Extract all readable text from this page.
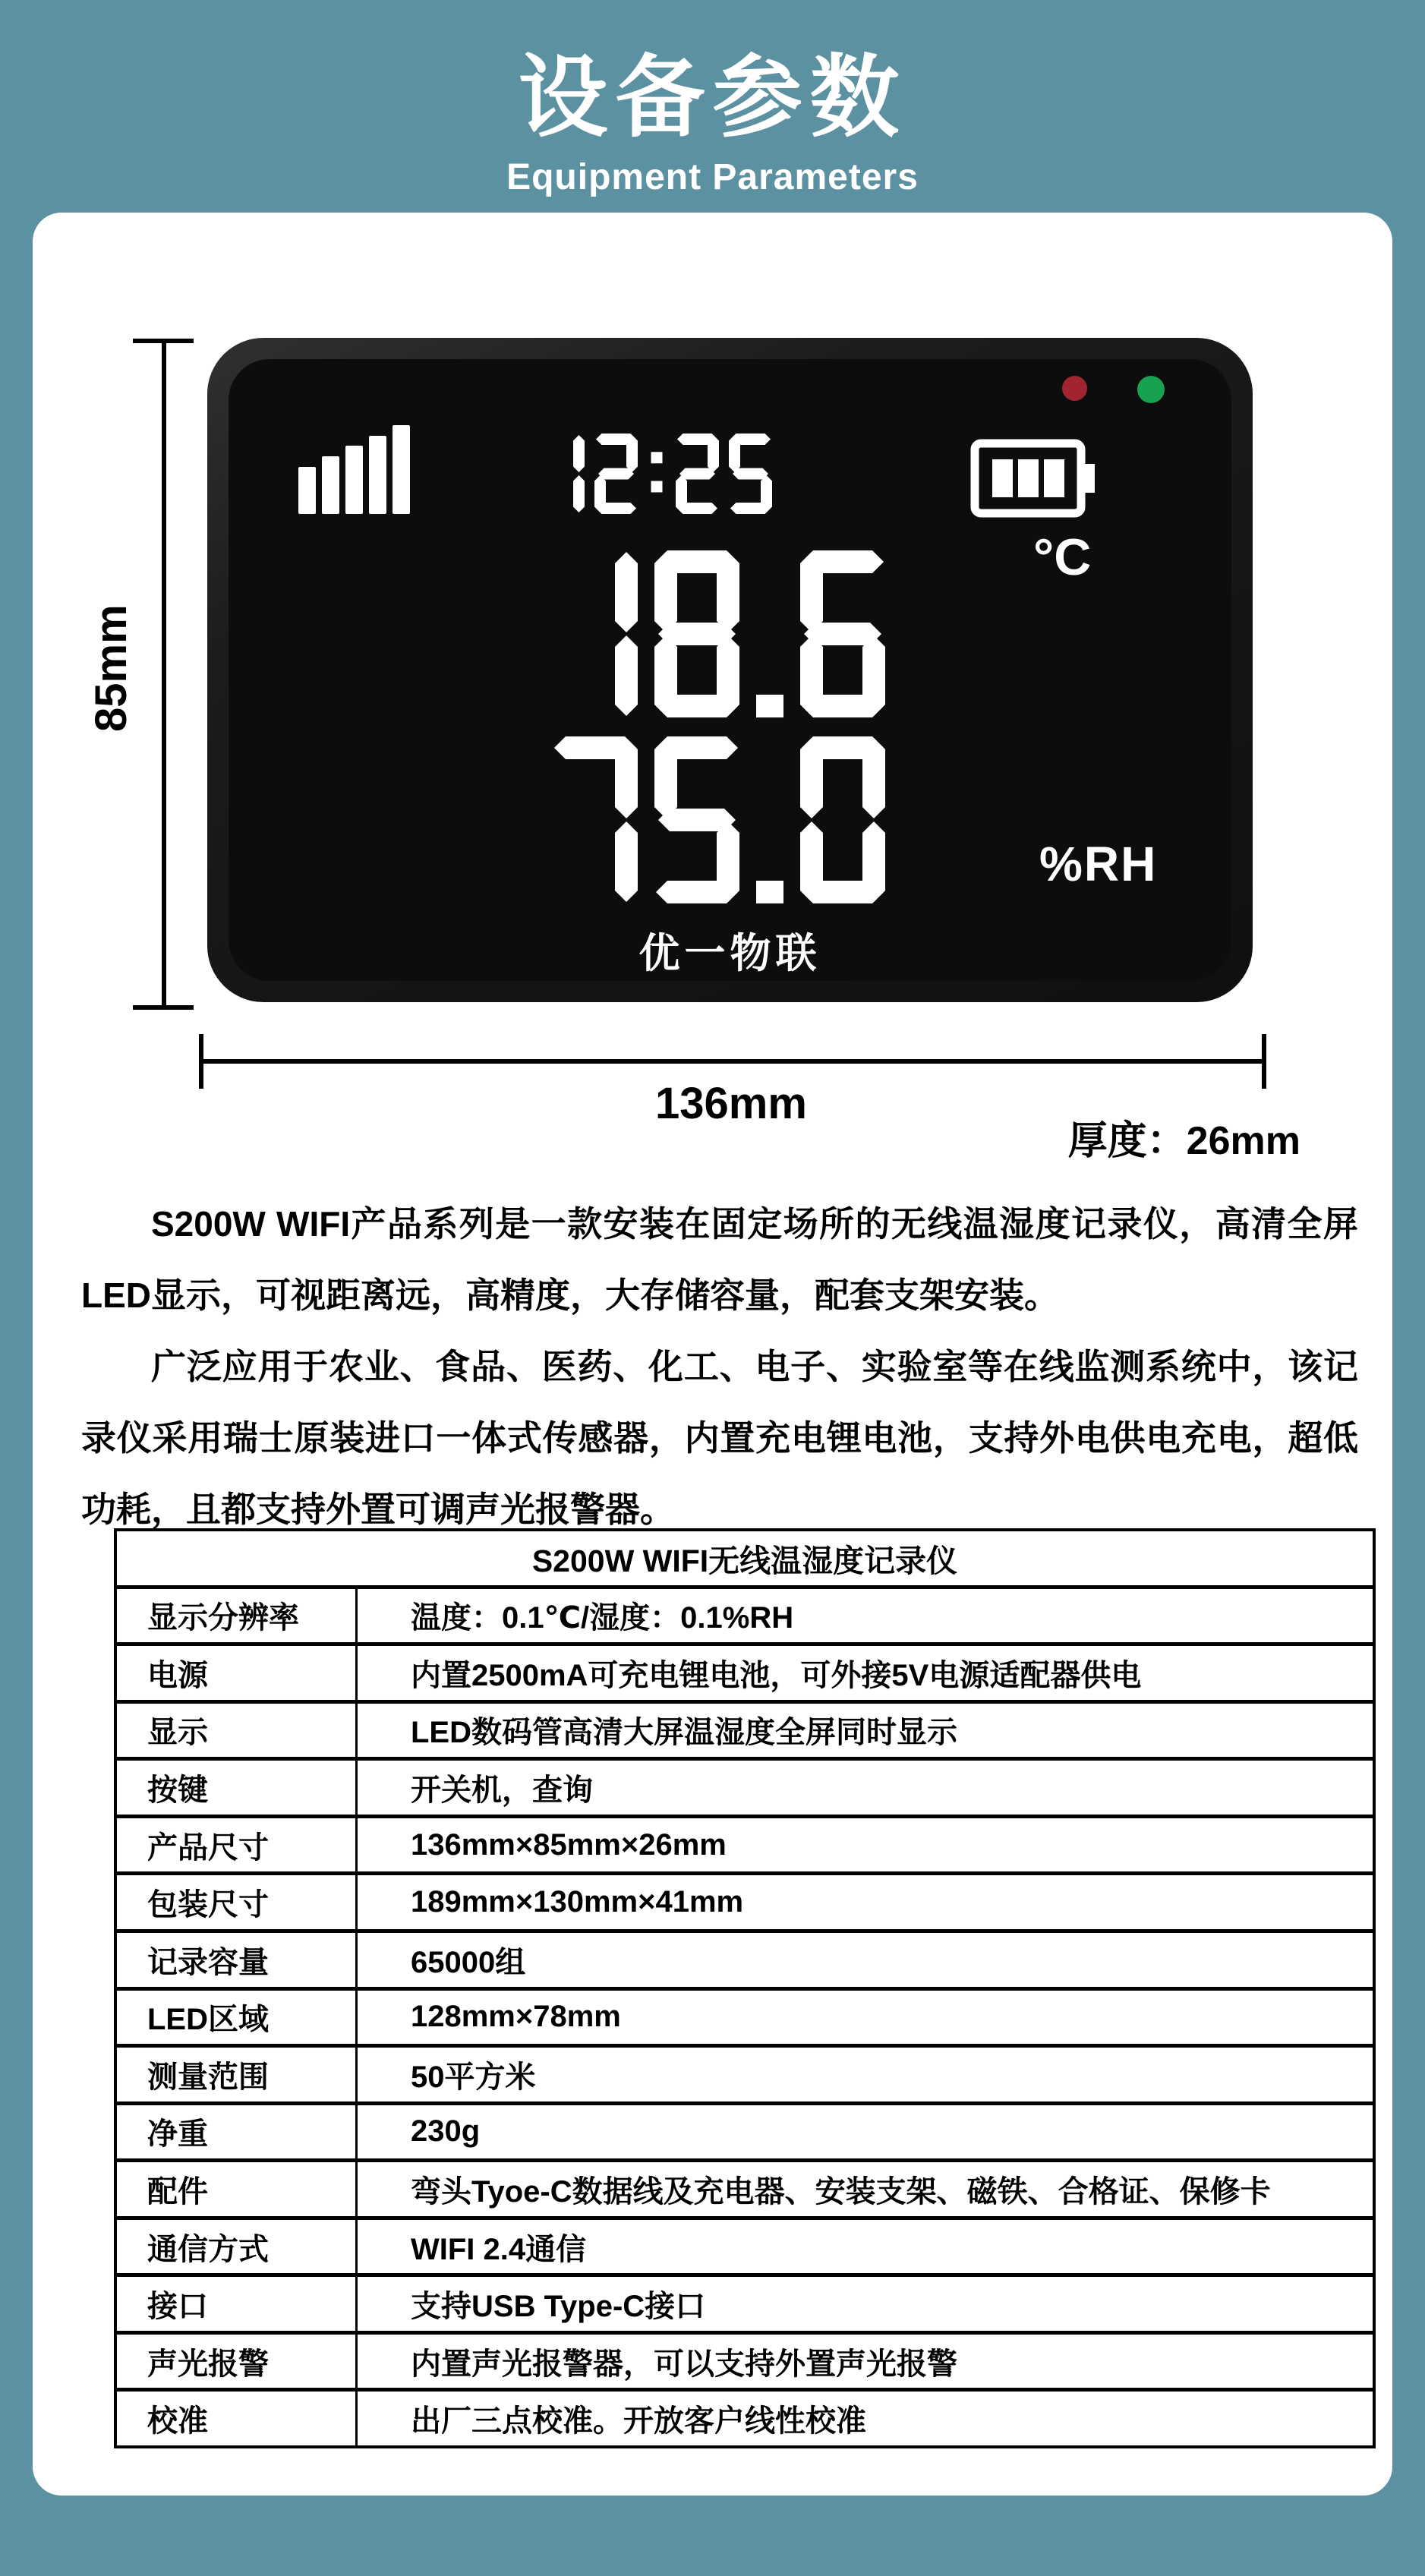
设备参数
Equipment Parameters
°C
%RH
优一物联
85mm
136mm
厚度：26mm

S200W WIFI产品系列是一款安装在固定场所的无线温湿度记录仪，高清全屏LED显示，可视距离远，高精度，大存储容量，配套支架安装。

广泛应用于农业、食品、医药、化工、电子、实验室等在线监测系统中，该记录仪采用瑞士原装进口一体式传感器，内置充电锂电池，支持外电供电充电，超低功耗，且都支持外置可调声光报警器。

S200W WIFI无线温湿度记录仪
显示分辨率	温度：0.1℃/湿度：0.1%RH
电源	内置2500mA可充电锂电池，可外接5V电源适配器供电
显示	LED数码管高清大屏温湿度全屏同时显示
按键	开关机，查询
产品尺寸	136mm×85mm×26mm
包装尺寸	189mm×130mm×41mm
记录容量	65000组
LED区域	128mm×78mm
测量范围	50平方米
净重	230g
配件	弯头Tyoe-C数据线及充电器、安装支架、磁铁、合格证、保修卡
通信方式	WIFI 2.4通信
接口	支持USB Type-C接口
声光报警	内置声光报警器，可以支持外置声光报警
校准	出厂三点校准。开放客户线性校准
